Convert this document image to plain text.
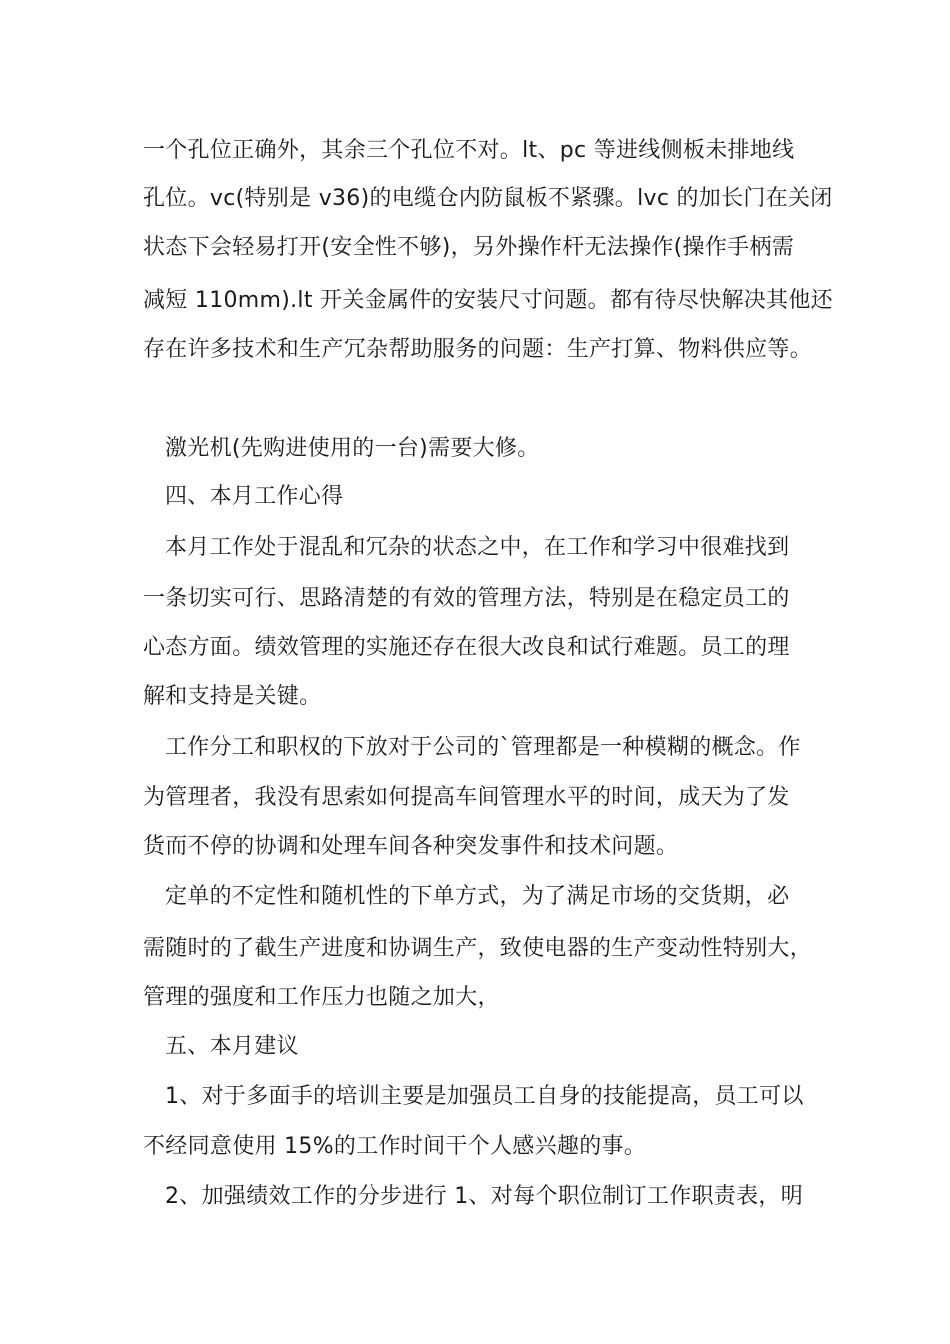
一个孔位正确外，其余三个孔位不对。lt、pc 等进线侧板未排地线
孔位。vc(特别是 v36)的电缆仓内防鼠板不紧骤。lvc 的加长门在关闭
状态下会轻易打开(安全性不够)，另外操作杆无法操作(操作手柄需
减短 110mm).lt 开关金属件的安装尺寸问题。都有待尽快解决其他还
存在许多技术和生产冗杂帮助服务的问题：生产打算、物料供应等。
激光机(先购进使用的一台)需要大修。
四、本月工作心得
本月工作处于混乱和冗杂的状态之中，在工作和学习中很难找到
一条切实可行、思路清楚的有效的管理方法，特别是在稳定员工的
心态方面。绩效管理的实施还存在很大改良和试行难题。员工的理
解和支持是关键。
工作分工和职权的下放对于公司的`管理都是一种模糊的概念。作
为管理者，我没有思索如何提高车间管理水平的时间，成天为了发
货而不停的协调和处理车间各种突发事件和技术问题。
定单的不定性和随机性的下单方式，为了满足市场的交货期，必
需随时的了截生产进度和协调生产，致使电器的生产变动性特别大，
管理的强度和工作压力也随之加大，
五、本月建议
1、对于多面手的培训主要是加强员工自身的技能提高，员工可以
不经同意使用 15%的工作时间干个人感兴趣的事。
2、加强绩效工作的分步进行 1、对每个职位制订工作职责表，明
